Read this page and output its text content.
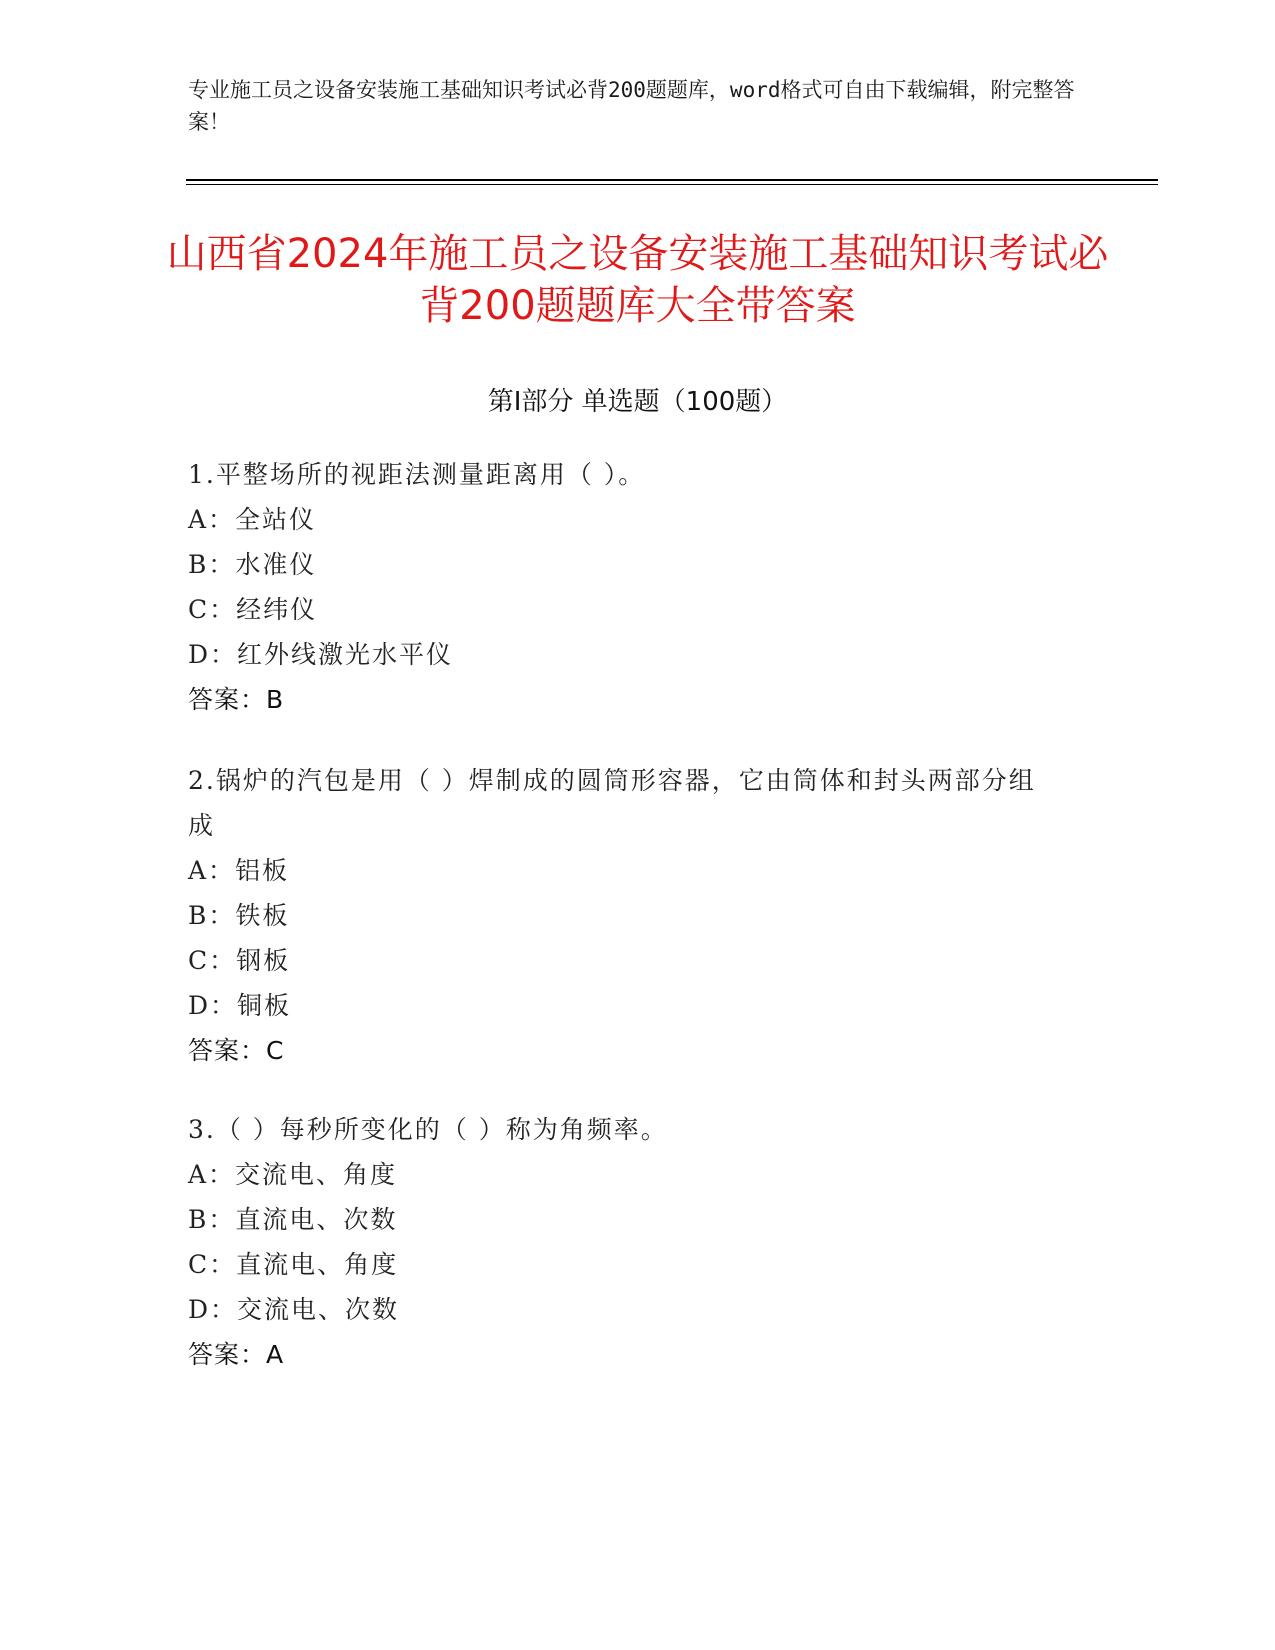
专业施工员之设备安装施工基础知识考试必背200题题库，word格式可自由下载编辑，附完整答案！
山西省2024年施工员之设备安装施工基础知识考试必背200题题库大全带答案
第Ⅰ部分 单选题（100题）
1.平整场所的视距法测量距离用（ ）。
A：全站仪
B：水准仪
C：经纬仪
D：红外线激光水平仪
答案：B
2.锅炉的汽包是用（ ）焊制成的圆筒形容器，它由筒体和封头两部分组成
A：铝板
B：铁板
C：钢板
D：铜板
答案：C
3.（ ）每秒所变化的（ ）称为角频率。
A：交流电、角度
B：直流电、次数
C：直流电、角度
D：交流电、次数
答案：A
